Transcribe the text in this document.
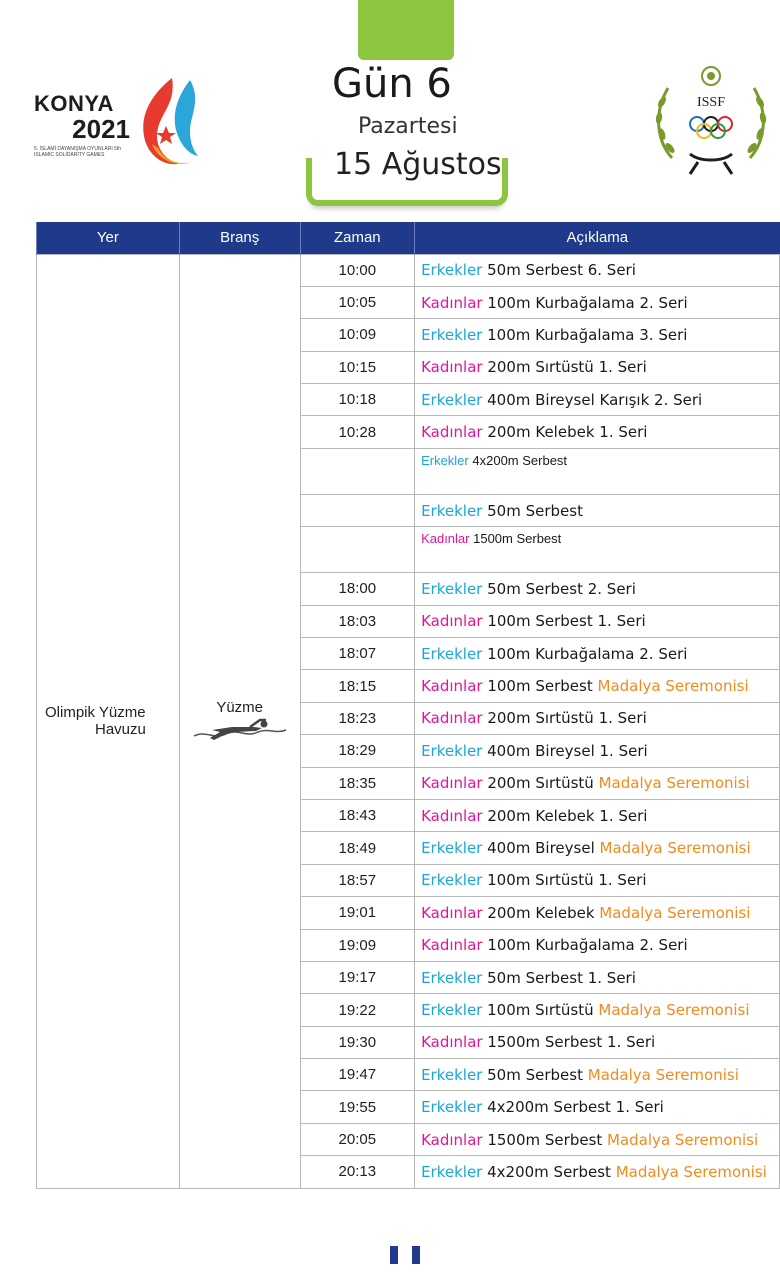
Gün 6
Pazartesi
15 Ağustos
KONYA
2021
5. İSLAMİ DAYANIŞMA OYUNLARI 5th ISLAMIC SOLIDARITY GAMES
ISSF
Yer	Branş	Zaman	Açıklama
Olimpik Yüzme
Havuzu	Yüzme	10:00	Erkekler 50m Serbest 6. Seri
		10:05	Kadınlar 100m Kurbağalama 2. Seri
		10:09	Erkekler 100m Kurbağalama 3. Seri
		10:15	Kadınlar 200m Sırtüstü 1. Seri
		10:18	Erkekler 400m Bireysel Karışık 2. Seri
		10:28	Kadınlar 200m Kelebek 1. Seri
			Erkekler 4x200m Serbest
			Erkekler 50m Serbest
			Kadınlar 1500m Serbest
		18:00	Erkekler 50m Serbest 2. Seri
		18:03	Kadınlar 100m Serbest 1. Seri
		18:07	Erkekler 100m Kurbağalama 2. Seri
		18:15	Kadınlar 100m Serbest Madalya Seremonisi
		18:23	Kadınlar 200m Sırtüstü 1. Seri
		18:29	Erkekler 400m Bireysel 1. Seri
		18:35	Kadınlar 200m Sırtüstü Madalya Seremonisi
		18:43	Kadınlar 200m Kelebek 1. Seri
		18:49	Erkekler 400m Bireysel Madalya Seremonisi
		18:57	Erkekler 100m Sırtüstü 1. Seri
		19:01	Kadınlar 200m Kelebek Madalya Seremonisi
		19:09	Kadınlar 100m Kurbağalama 2. Seri
		19:17	Erkekler 50m Serbest 1. Seri
		19:22	Erkekler 100m Sırtüstü Madalya Seremonisi
		19:30	Kadınlar 1500m Serbest 1. Seri
		19:47	Erkekler 50m Serbest Madalya Seremonisi
		19:55	Erkekler 4x200m Serbest 1. Seri
		20:05	Kadınlar 1500m Serbest Madalya Seremonisi
		20:13	Erkekler 4x200m Serbest Madalya Seremonisi
